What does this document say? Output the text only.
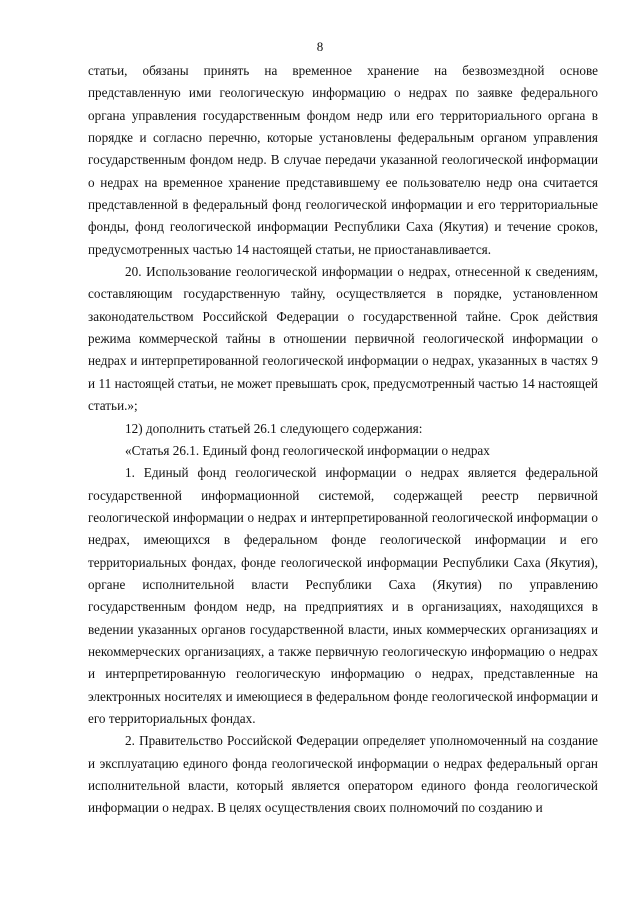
8

статьи, обязаны принять на временное хранение на безвозмездной основе представленную ими геологическую информацию о недрах по заявке федерального органа управления государственным фондом недр или его территориального органа в порядке и согласно перечню, которые установлены федеральным органом управления государственным фондом недр. В случае передачи указанной геологической информации о недрах на временное хранение представившему ее пользователю недр она считается представленной в федеральный фонд геологической информации и его территориальные фонды, фонд геологической информации Республики Саха (Якутия) и течение сроков, предусмотренных частью 14 настоящей статьи, не приостанавливается.

20. Использование геологической информации о недрах, отнесенной к сведениям, составляющим государственную тайну, осуществляется в порядке, установленном законодательством Российской Федерации о государственной тайне. Срок действия режима коммерческой тайны в отношении первичной геологической информации о недрах и интерпретированной геологической информации о недрах, указанных в частях 9 и 11 настоящей статьи, не может превышать срок, предусмотренный частью 14 настоящей статьи.»;

12) дополнить статьей 26.1 следующего содержания:

«Статья 26.1. Единый фонд геологической информации о недрах

1. Единый фонд геологической информации о недрах является федеральной государственной информационной системой, содержащей реестр первичной геологической информации о недрах и интерпретированной геологической информации о недрах, имеющихся в федеральном фонде геологической информации и его территориальных фондах, фонде геологической информации Республики Саха (Якутия), органе исполнительной власти Республики Саха (Якутия) по управлению государственным фондом недр, на предприятиях и в организациях, находящихся в ведении указанных органов государственной власти, иных коммерческих организациях и некоммерческих организациях, а также первичную геологическую информацию о недрах и интерпретированную геологическую информацию о недрах, представленные на электронных носителях и имеющиеся в федеральном фонде геологической информации и его территориальных фондах.

2. Правительство Российской Федерации определяет уполномоченный на создание и эксплуатацию единого фонда геологической информации о недрах федеральный орган исполнительной власти, который является оператором единого фонда геологической информации о недрах. В целях осуществления своих полномочий по созданию и
